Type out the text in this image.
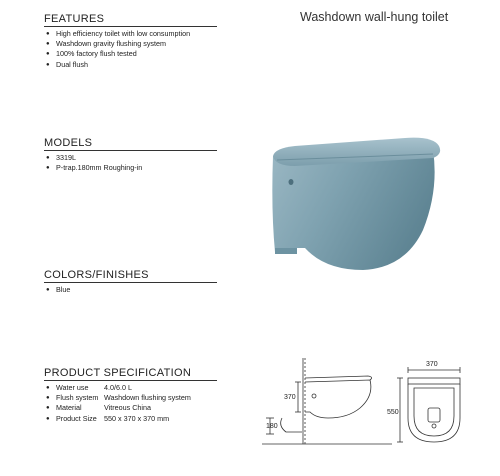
Washdown wall-hung toilet
FEATURES
● High efficiency toilet with low consumption
● Washdown gravity flushing system
● 100% factory flush tested
● Dual flush
MODELS
● 3319L
● P-trap.180mm Roughing-in
COLORS/FINISHES
● Blue
PRODUCT SPECIFICATION
● Water use 4.0/6.0 L
● Flush system Washdown flushing system
● Material	Vitreous China
● Product Size 550 x 370 x 370 mm
370
180
370
550
